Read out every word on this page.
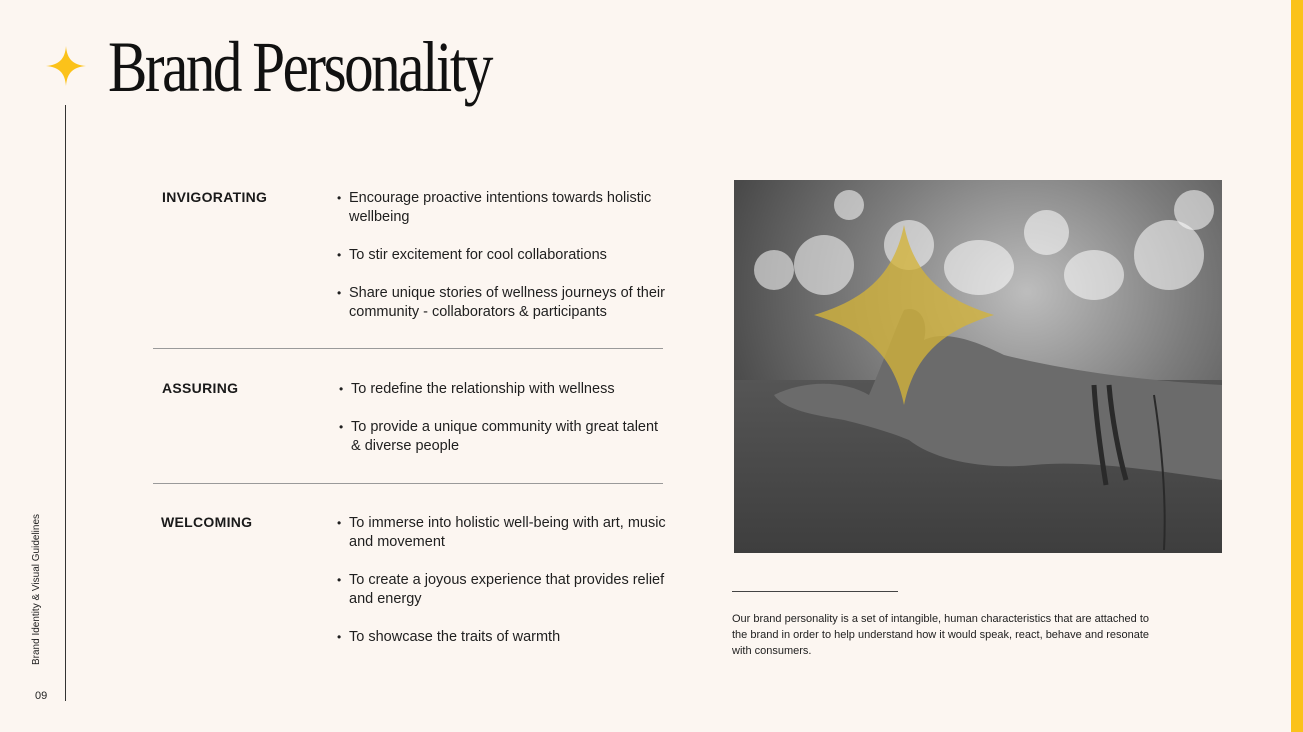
Brand Personality
Brand Identity & Visual Guidelines
09
INVIGORATING	• Encourage proactive intentions towards holistic wellbeing
• To stir excitement for cool collaborations
• Share unique stories of wellness journeys of their community - collaborators & participants
ASSURING	• To redefine the relationship with wellness
• To provide a unique community with great talent & diverse people
WELCOMING	• To immerse into holistic well-being with art, music and movement
• To create a joyous experience that provides relief and energy
• To showcase the traits of warmth

Our brand personality is a set of intangible, human characteristics that are attached to the brand in order to help understand how it would speak, react, behave and resonate with consumers.
